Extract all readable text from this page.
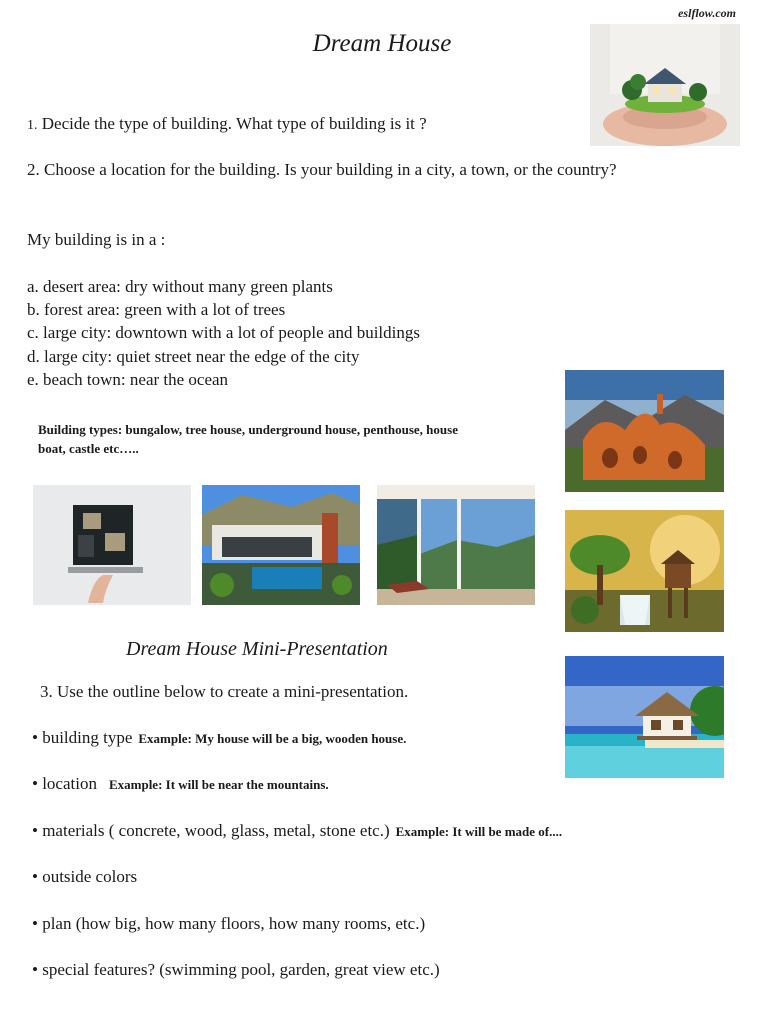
eslflow.com
Dream House
1. Decide the type of building. What type of building is it ?
2. Choose a location for the building. Is your building in a city, a town, or the country?
My building is in a :
a. desert area: dry without many green plants
b. forest area: green with a lot of trees
c. large city: downtown with a lot of people and buildings
d. large city: quiet street near the edge of the city
e. beach town: near the ocean
Building types: bungalow, tree house, underground house, penthouse, house boat, castle etc…..
Dream House Mini-Presentation
3. Use the outline below to create a mini-presentation.
• building type Example: My house will be a big, wooden house.
• location Example: It will be near the mountains.
• materials ( concrete, wood, glass, metal, stone etc.) Example: It will be made of....
• outside colors
• plan (how big, how many floors, how many rooms, etc.)
• special features? (swimming pool, garden, great view etc.)
